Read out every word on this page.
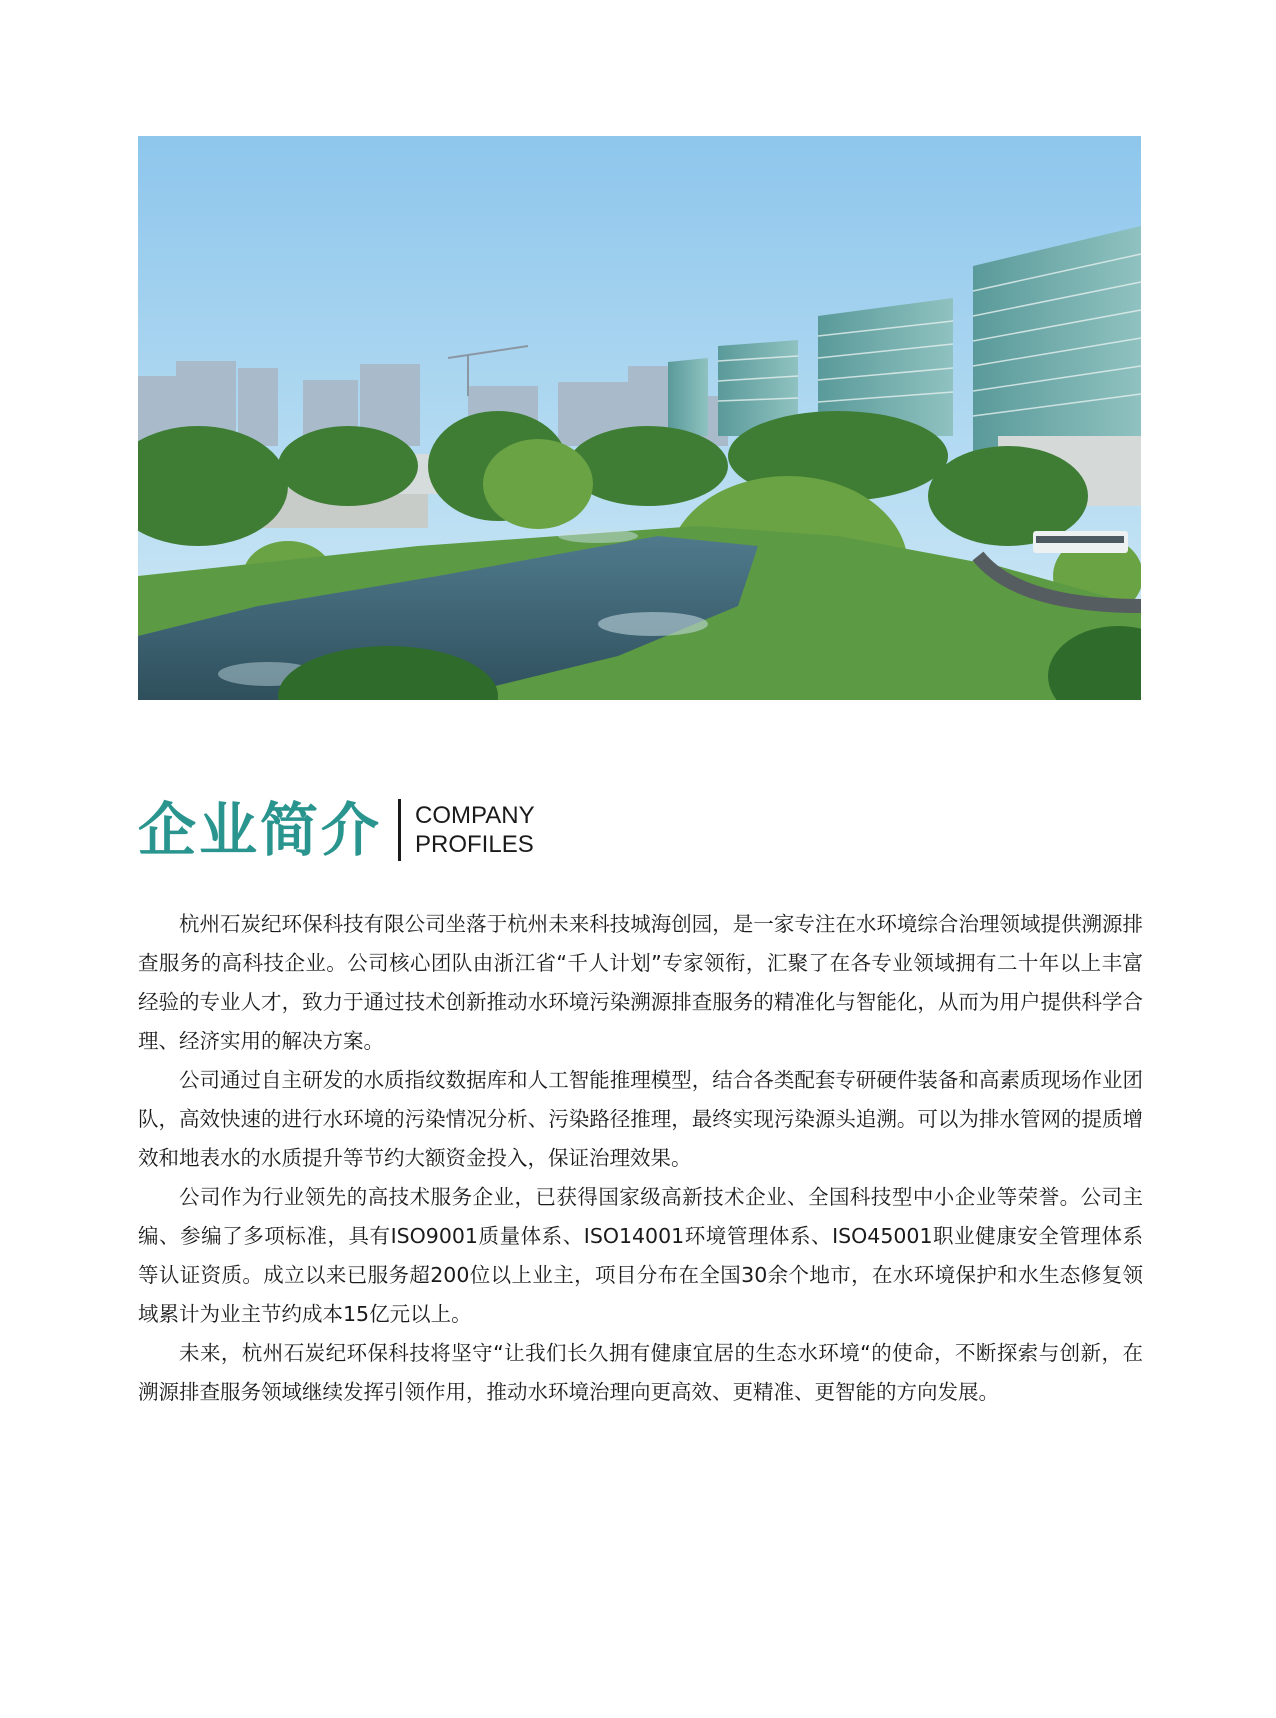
企业简介 COMPANY
PROFILES

杭州石炭纪环保科技有限公司坐落于杭州未来科技城海创园，是一家专注在水环境综合治理领域提供溯源排查服务的高科技企业。公司核心团队由浙江省“千人计划”专家领衔，汇聚了在各专业领域拥有二十年以上丰富经验的专业人才，致力于通过技术创新推动水环境污染溯源排查服务的精准化与智能化，从而为用户提供科学合理、经济实用的解决方案。

公司通过自主研发的水质指纹数据库和人工智能推理模型，结合各类配套专研硬件装备和高素质现场作业团队，高效快速的进行水环境的污染情况分析、污染路径推理，最终实现污染源头追溯。可以为排水管网的提质增效和地表水的水质提升等节约大额资金投入，保证治理效果。

公司作为行业领先的高技术服务企业，已获得国家级高新技术企业、全国科技型中小企业等荣誉。公司主编、参编了多项标准，具有ISO9001质量体系、ISO14001环境管理体系、ISO45001职业健康安全管理体系等认证资质。成立以来已服务超200位以上业主，项目分布在全国30余个地市，在水环境保护和水生态修复领域累计为业主节约成本15亿元以上。

未来，杭州石炭纪环保科技将坚守“让我们长久拥有健康宜居的生态水环境“的使命，不断探索与创新，在溯源排查服务领域继续发挥引领作用，推动水环境治理向更高效、更精准、更智能的方向发展。
